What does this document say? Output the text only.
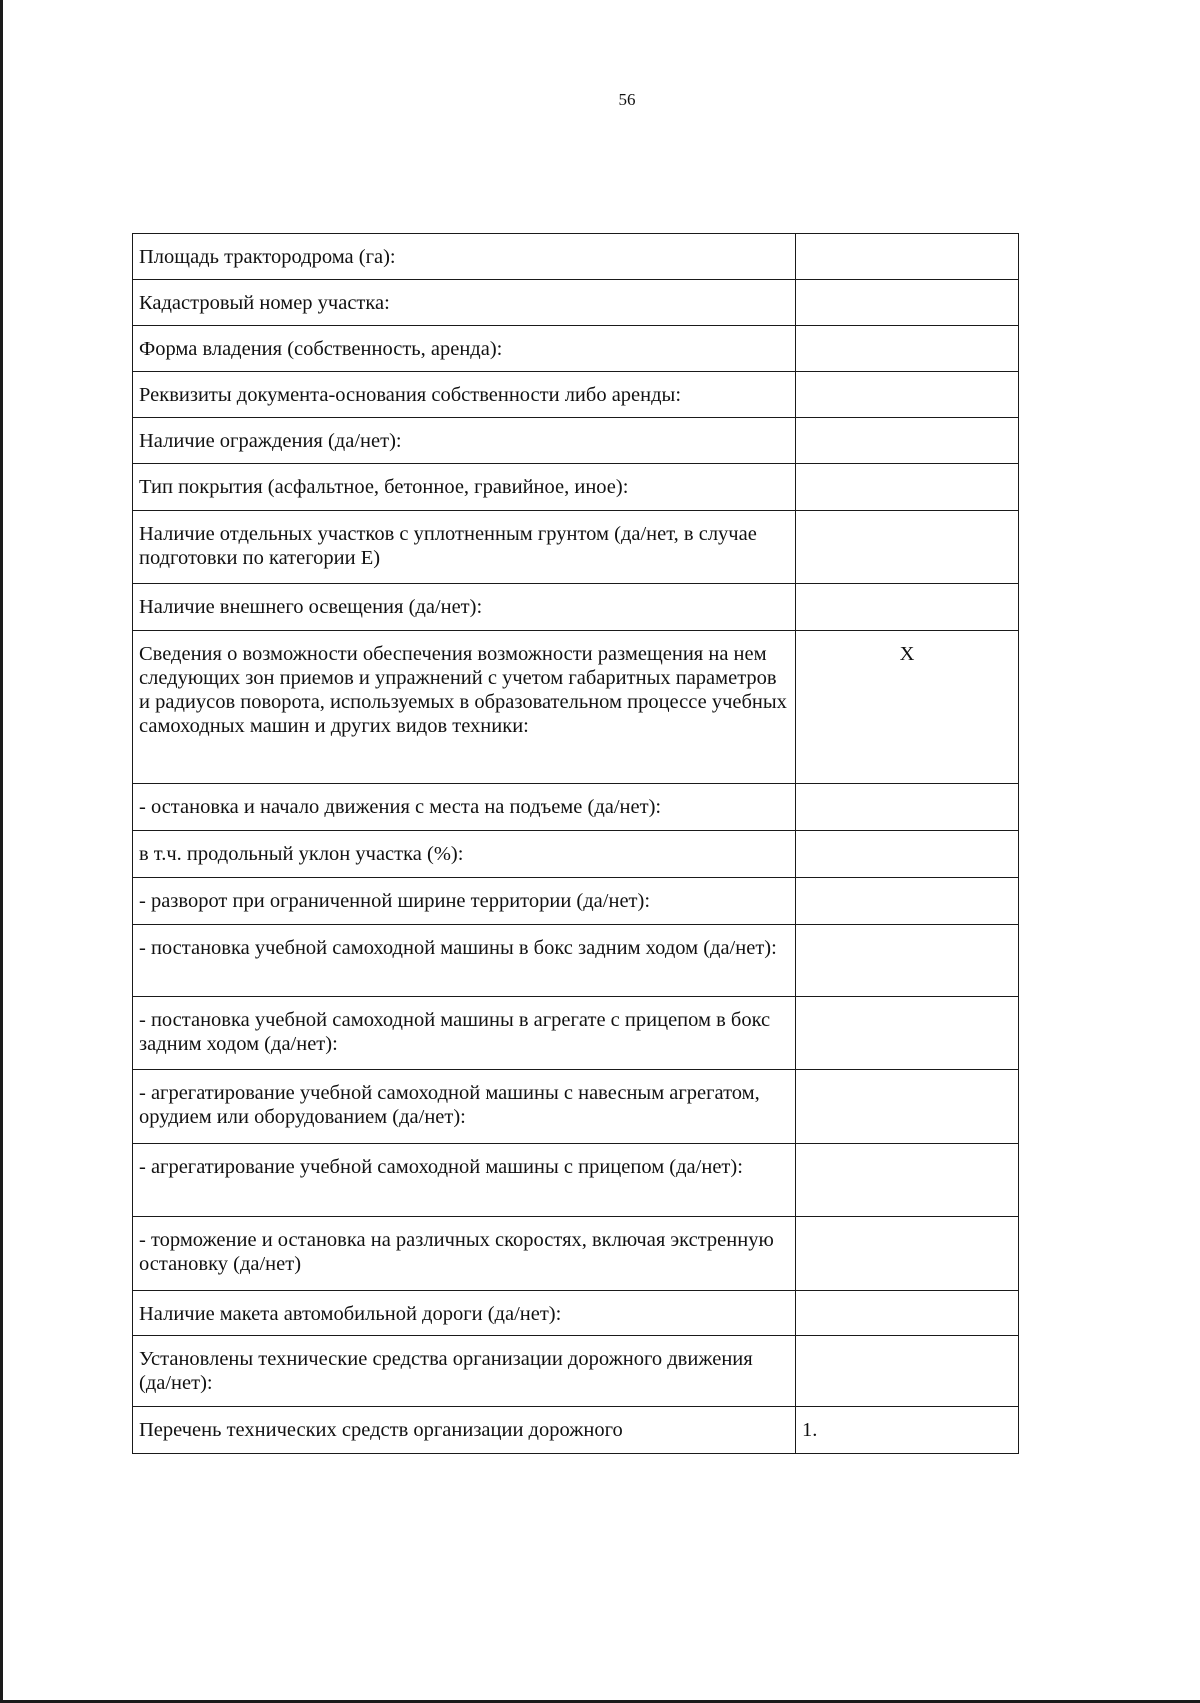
56
Площадь трактородрома (га):	
Кадастровый номер участка:	
Форма владения (собственность, аренда):	
Реквизиты документа-основания собственности либо аренды:	
Наличие ограждения (да/нет):	
Тип покрытия (асфальтное, бетонное, гравийное, иное):	
Наличие отдельных участков с уплотненным грунтом (да/нет, в случае подготовки по категории Е)	
Наличие внешнего освещения (да/нет):	
Сведения о возможности обеспечения возможности размещения на нем следующих зон приемов и упражнений с учетом габаритных параметров и радиусов поворота, используемых в образовательном процессе учебных самоходных машин и других видов техники:	Х
- остановка и начало движения с места на подъеме (да/нет):	
в т.ч. продольный уклон участка (%):	
- разворот при ограниченной ширине территории (да/нет):	
- постановка учебной самоходной машины в бокс задним ходом (да/нет):	
- постановка учебной самоходной машины в агрегате с прицепом в бокс задним ходом (да/нет):	
- агрегатирование учебной самоходной машины с навесным агрегатом, орудием или оборудованием (да/нет):	
- агрегатирование учебной самоходной машины с прицепом (да/нет):	
- торможение и остановка на различных скоростях, включая экстренную остановку (да/нет)	
Наличие макета автомобильной дороги (да/нет):	
Установлены технические средства организации дорожного движения (да/нет):	
Перечень технических средств организации дорожного	1.
